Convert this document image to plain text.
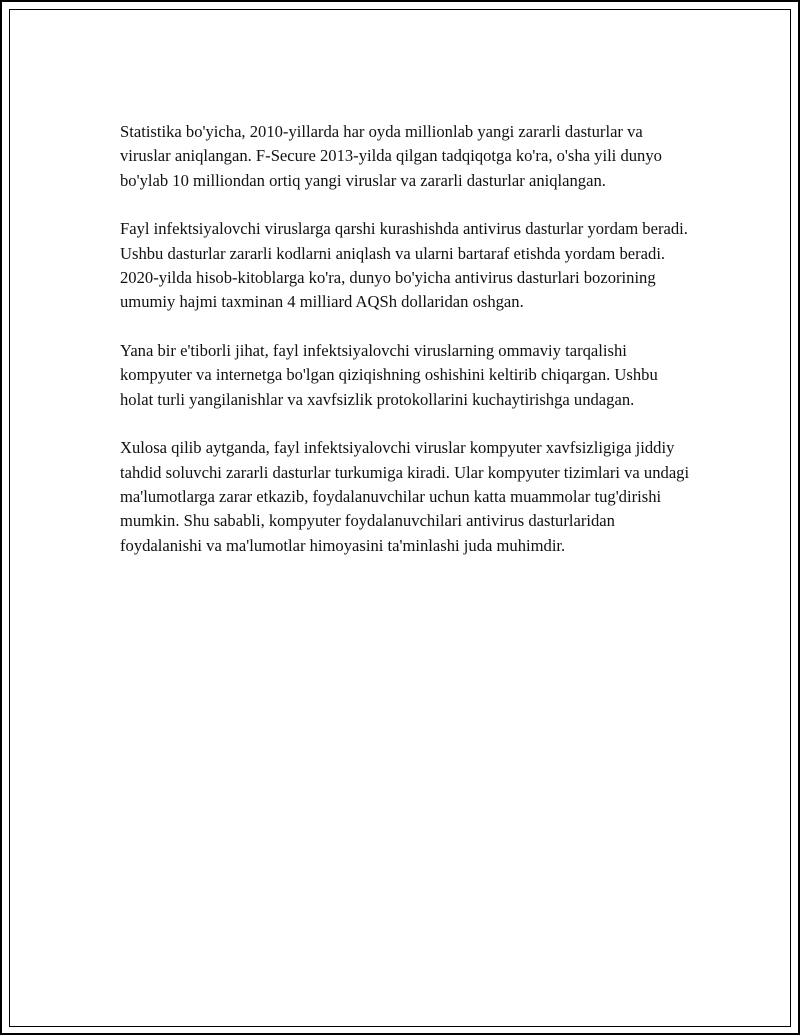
Statistika bo'yicha, 2010-yillarda har oyda millionlab yangi zararli dasturlar va viruslar aniqlangan. F-Secure 2013-yilda qilgan tadqiqotga ko'ra, o'sha yili dunyo bo'ylab 10 milliondan ortiq yangi viruslar va zararli dasturlar aniqlangan.

Fayl infektsiyalovchi viruslarga qarshi kurashishda antivirus dasturlar yordam beradi. Ushbu dasturlar zararli kodlarni aniqlash va ularni bartaraf etishda yordam beradi. 2020-yilda hisob-kitoblarga ko'ra, dunyo bo'yicha antivirus dasturlari bozorining umumiy hajmi taxminan 4 milliard AQSh dollaridan oshgan.

Yana bir e'tiborli jihat, fayl infektsiyalovchi viruslarning ommaviy tarqalishi kompyuter va internetga bo'lgan qiziqishning oshishini keltirib chiqargan. Ushbu holat turli yangilanishlar va xavfsizlik protokollarini kuchaytirishga undagan.

Xulosa qilib aytganda, fayl infektsiyalovchi viruslar kompyuter xavfsizligiga jiddiy tahdid soluvchi zararli dasturlar turkumiga kiradi. Ular kompyuter tizimlari va undagi ma'lumotlarga zarar etkazib, foydalanuvchilar uchun katta muammolar tug'dirishi mumkin. Shu sababli, kompyuter foydalanuvchilari antivirus dasturlaridan foydalanishi va ma'lumotlar himoyasini ta'minlashi juda muhimdir.
